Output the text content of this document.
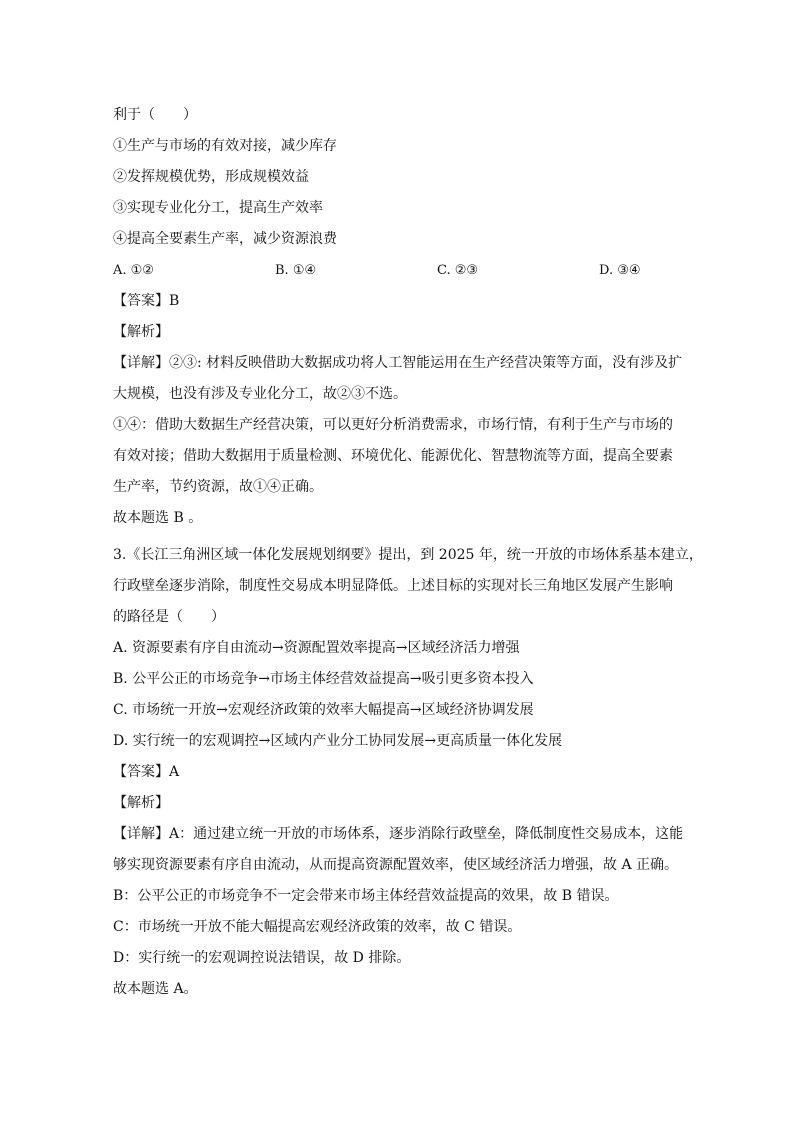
利于（　　）
①生产与市场的有效对接，减少库存
②发挥规模优势，形成规模效益
③实现专业化分工，提高生产效率
④提高全要素生产率，减少资源浪费
A. ①②	B. ①④	C. ②③	D. ③④
【答案】B
【解析】
【详解】②③: 材料反映借助大数据成功将人工智能运用在生产经营决策等方面，没有涉及扩
大规模，也没有涉及专业化分工，故②③不选。
①④：借助大数据生产经营决策，可以更好分析消费需求，市场行情，有利于生产与市场的
有效对接；借助大数据用于质量检测、环境优化、能源优化、智慧物流等方面，提高全要素
生产率，节约资源，故①④正确。
故本题选 B 。
3.《长江三角洲区域一体化发展规划纲要》提出，到 2025 年，统一开放的市场体系基本建立，
行政壁垒逐步消除，制度性交易成本明显降低。上述目标的实现对长三角地区发展产生影响
的路径是（　　）
A. 资源要素有序自由流动→资源配置效率提高→区域经济活力增强
B. 公平公正的市场竞争→市场主体经营效益提高→吸引更多资本投入
C. 市场统一开放→宏观经济政策的效率大幅提高→区域经济协调发展
D. 实行统一的宏观调控→区域内产业分工协同发展→更高质量一体化发展
【答案】A
【解析】
【详解】A：通过建立统一开放的市场体系，逐步消除行政壁垒，降低制度性交易成本，这能
够实现资源要素有序自由流动，从而提高资源配置效率，使区域经济活力增强，故 A 正确。
B：公平公正的市场竞争不一定会带来市场主体经营效益提高的效果，故 B 错误。
C：市场统一开放不能大幅提高宏观经济政策的效率，故 C 错误。
D：实行统一的宏观调控说法错误，故 D 排除。
故本题选 A。
